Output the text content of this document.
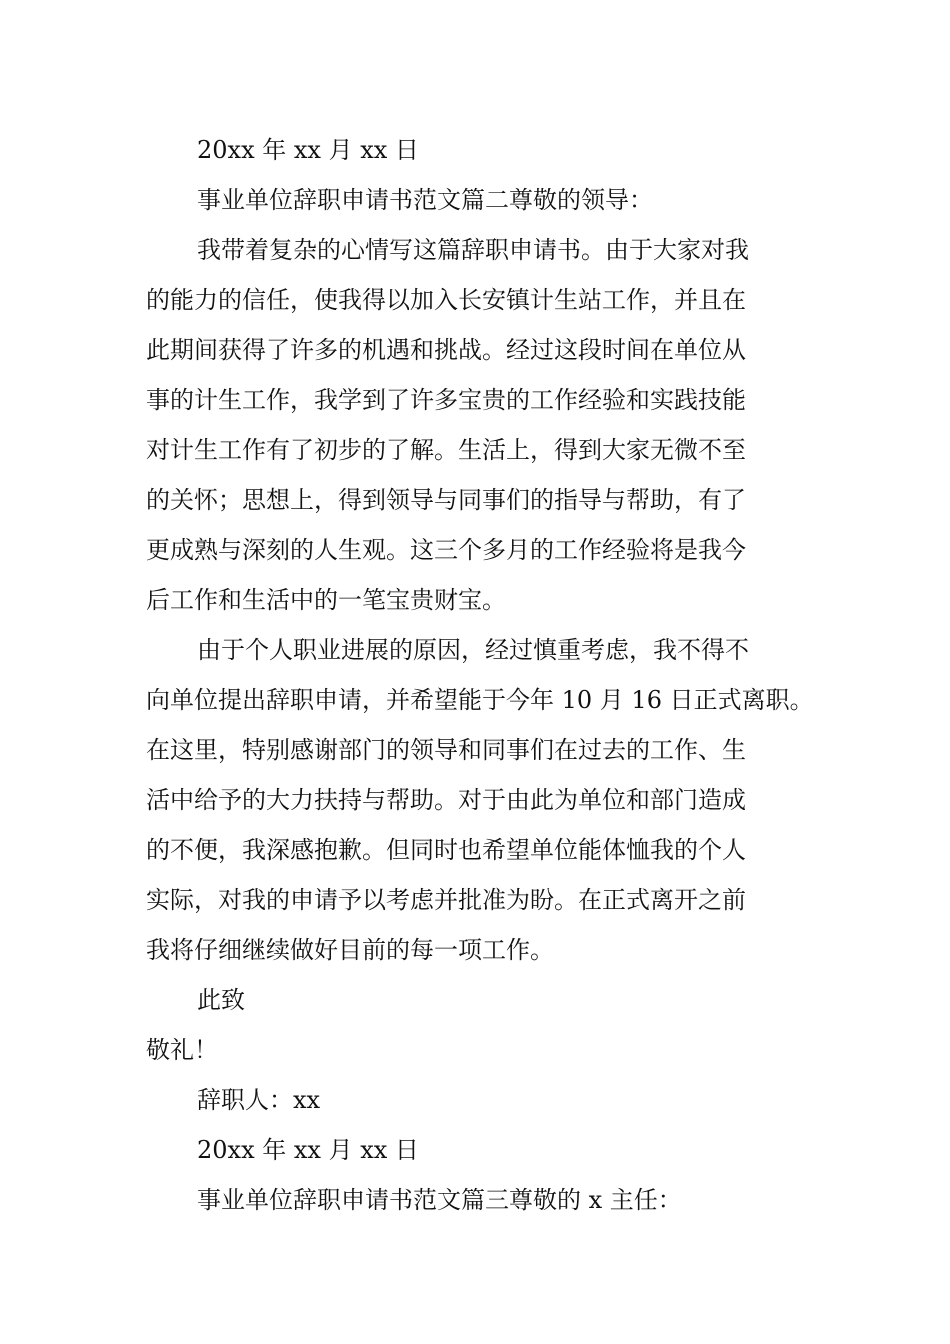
20xx 年 xx 月 xx 日
事业单位辞职申请书范文篇二尊敬的领导：
我带着复杂的心情写这篇辞职申请书。由于大家对我
的能力的信任，使我得以加入长安镇计生站工作，并且在
此期间获得了许多的机遇和挑战。经过这段时间在单位从
事的计生工作，我学到了许多宝贵的工作经验和实践技能
对计生工作有了初步的了解。生活上，得到大家无微不至
的关怀；思想上，得到领导与同事们的指导与帮助，有了
更成熟与深刻的人生观。这三个多月的工作经验将是我今
后工作和生活中的一笔宝贵财宝。
由于个人职业进展的原因，经过慎重考虑，我不得不
向单位提出辞职申请，并希望能于今年 10 月 16 日正式离职。
在这里，特别感谢部门的领导和同事们在过去的工作、生
活中给予的大力扶持与帮助。对于由此为单位和部门造成
的不便，我深感抱歉。但同时也希望单位能体恤我的个人
实际，对我的申请予以考虑并批准为盼。在正式离开之前
我将仔细继续做好目前的每一项工作。
此致
敬礼！
辞职人：xx
20xx 年 xx 月 xx 日
事业单位辞职申请书范文篇三尊敬的 x 主任：
